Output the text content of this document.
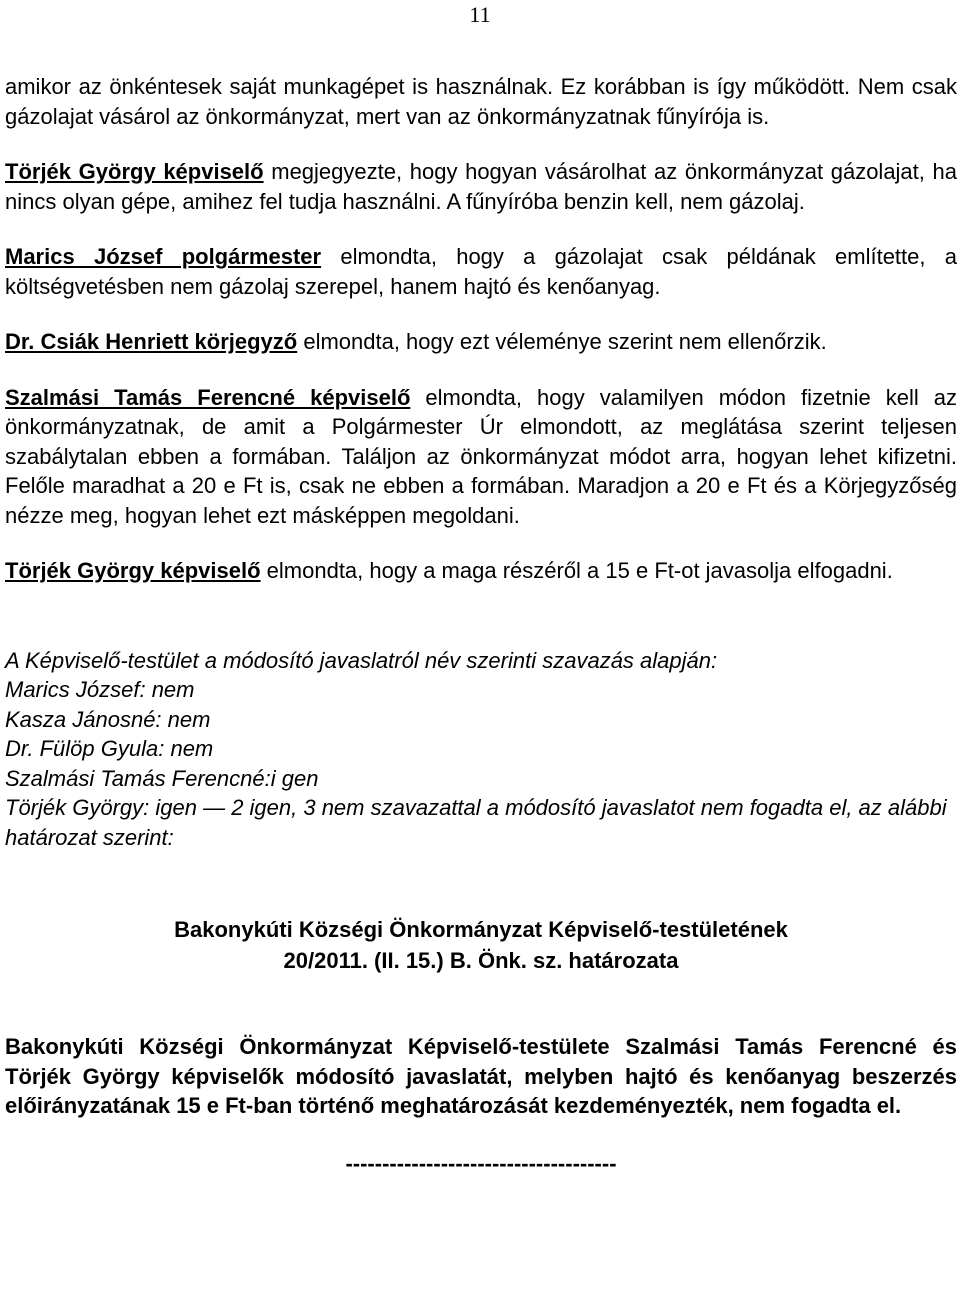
11

amikor az önkéntesek saját munkagépet is használnak. Ez korábban is így működött. Nem csak gázolajat vásárol az önkormányzat, mert van az önkormányzatnak fűnyírója is.

Törjék György képviselő megjegyezte, hogy hogyan vásárolhat az önkormányzat gázolajat, ha nincs olyan gépe, amihez fel tudja használni. A fűnyíróba benzin kell, nem gázolaj.

Marics József polgármester elmondta, hogy a gázolajat csak példának említette, a költségvetésben nem gázolaj szerepel, hanem hajtó és kenőanyag.

Dr. Csiák Henriett körjegyző elmondta, hogy ezt véleménye szerint nem ellenőrzik.

Szalmási Tamás Ferencné képviselő elmondta, hogy valamilyen módon fizetnie kell az önkormányzatnak, de amit a Polgármester Úr elmondott, az meglátása szerint teljesen szabálytalan ebben a formában. Találjon az önkormányzat módot arra, hogyan lehet kifizetni. Felőle maradhat a 20 e Ft is, csak ne ebben a formában. Maradjon a 20 e Ft és a Körjegyzőség nézze meg, hogyan lehet ezt másképpen megoldani.

Törjék György képviselő elmondta, hogy a maga részéről a 15 e Ft-ot javasolja elfogadni.

A Képviselő-testület a módosító javaslatról név szerinti szavazás alapján:
Marics József: nem
Kasza Jánosné: nem
Dr. Fülöp Gyula: nem
Szalmási Tamás Ferencné:i gen
Törjék György: igen — 2 igen, 3 nem szavazattal a módosító javaslatot nem fogadta el, az alábbi határozat szerint:
Bakonykúti Községi Önkormányzat Képviselő-testületének
20/2011. (II. 15.) B. Önk. sz. határozata

Bakonykúti Községi Önkormányzat Képviselő-testülete Szalmási Tamás Ferencné és Törjék György képviselők módosító javaslatát, melyben hajtó és kenőanyag beszerzés előirányzatának 15 e Ft-ban történő meghatározását kezdeményezték, nem fogadta el.

-------------------------------------
